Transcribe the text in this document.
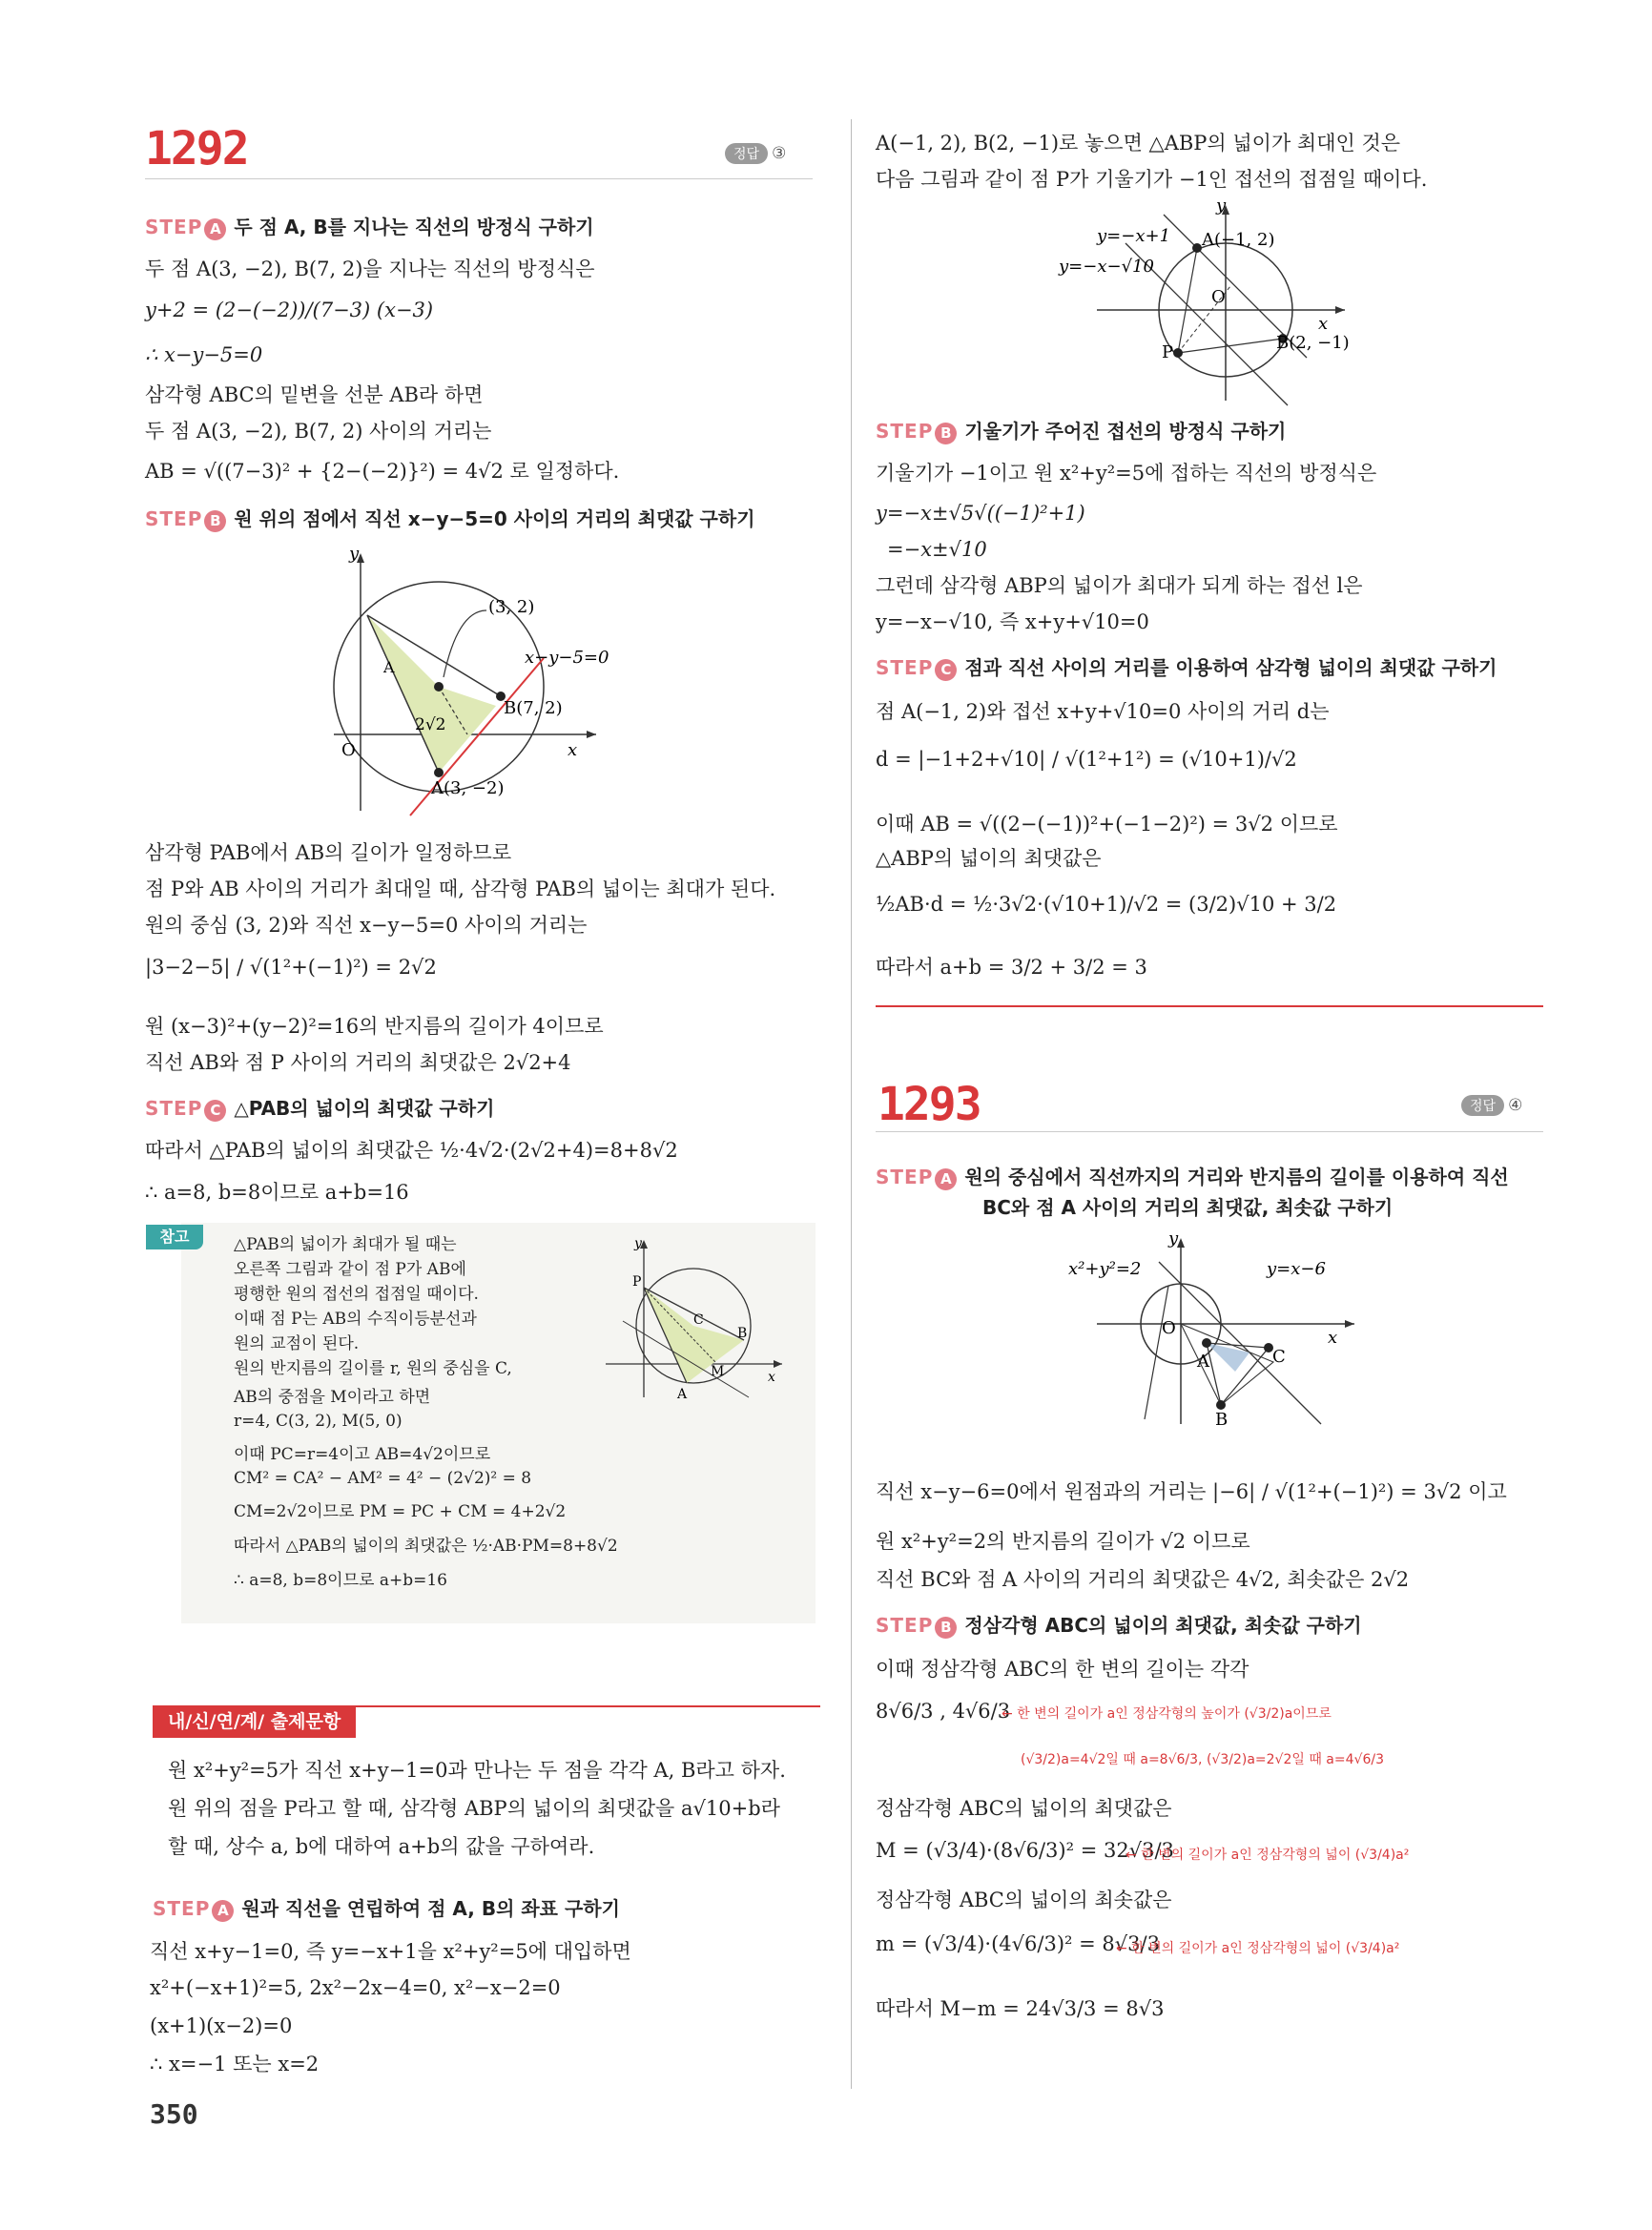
1292	정답 ③
STEP A 두 점 A, B를 지나는 직선의 방정식 구하기
두 점 A(3, −2), B(7, 2)을 지나는 직선의 방정식은
y+2 = (2−(−2))/(7−3) (x−3)
∴ x−y−5=0
삼각형 ABC의 밑변을 선분 AB라 하면
두 점 A(3, −2), B(7, 2) 사이의 거리는
AB = √((7−3)² + {2−(−2)}²) = 4√2 로 일정하다.
STEP B 원 위의 점에서 직선 x−y−5=0 사이의 거리의 최댓값 구하기
y
x
O
(3, 2)
x−y−5=0
B(7, 2)
A(3, −2)
2√2
A
삼각형 PAB에서 AB의 길이가 일정하므로
점 P와 AB 사이의 거리가 최대일 때, 삼각형 PAB의 넓이는 최대가 된다.
원의 중심 (3, 2)와 직선 x−y−5=0 사이의 거리는
|3−2−5| / √(1²+(−1)²) = 2√2
원 (x−3)²+(y−2)²=16의 반지름의 길이가 4이므로
직선 AB와 점 P 사이의 거리의 최댓값은 2√2+4
STEP C △PAB의 넓이의 최댓값 구하기
따라서 △PAB의 넓이의 최댓값은 ½·4√2·(2√2+4)=8+8√2
∴ a=8, b=8이므로 a+b=16
참고	△PAB의 넓이가 최대가 될 때는
오른쪽 그림과 같이 점 P가 AB에
평행한 원의 접선의 접점일 때이다.
이때 점 P는 AB의 수직이등분선과
원의 교점이 된다.
원의 반지름의 길이를 r, 원의 중심을 C,
AB의 중점을 M이라고 하면
r=4, C(3, 2), M(5, 0)
이때 PC=r=4이고 AB=4√2이므로
CM² = CA² − AM² = 4² − (2√2)² = 8
CM=2√2이므로 PM = PC + CM = 4+2√2
따라서 △PAB의 넓이의 최댓값은 ½·AB·PM=8+8√2
∴ a=8, b=8이므로 a+b=16
y
x
P
C
B
M
A
내/신/연/계/ 출제문항
원 x²+y²=5가 직선 x+y−1=0과 만나는 두 점을 각각 A, B라고 하자.
원 위의 점을 P라고 할 때, 삼각형 ABP의 넓이의 최댓값을 a√10+b라
할 때, 상수 a, b에 대하여 a+b의 값을 구하여라.
STEP A 원과 직선을 연립하여 점 A, B의 좌표 구하기
직선 x+y−1=0, 즉 y=−x+1을 x²+y²=5에 대입하면
x²+(−x+1)²=5, 2x²−2x−4=0, x²−x−2=0
(x+1)(x−2)=0
∴ x=−1 또는 x=2
350
A(−1, 2), B(2, −1)로 놓으면 △ABP의 넓이가 최대인 것은
다음 그림과 같이 점 P가 기울기가 −1인 접선의 접점일 때이다.
y
x
O
y=−x+1 A(−1, 2)
y=−x−√10
P	B(2, −1)
STEP B 기울기가 주어진 접선의 방정식 구하기
기울기가 −1이고 원 x²+y²=5에 접하는 직선의 방정식은
y=−x±√5√((−1)²+1)
=−x±√10
그런데 삼각형 ABP의 넓이가 최대가 되게 하는 접선 l은
y=−x−√10, 즉 x+y+√10=0
STEP C 점과 직선 사이의 거리를 이용하여 삼각형 넓이의 최댓값 구하기
점 A(−1, 2)와 접선 x+y+√10=0 사이의 거리 d는
d = |−1+2+√10| / √(1²+1²) = (√10+1)/√2
이때 AB = √((2−(−1))²+(−1−2)²) = 3√2 이므로
△ABP의 넓이의 최댓값은
½AB·d = ½·3√2·(√10+1)/√2 = (3/2)√10 + 3/2
따라서 a+b = 3/2 + 3/2 = 3
1293	정답 ④
STEP A 원의 중심에서 직선까지의 거리와 반지름의 길이를 이용하여 직선
BC와 점 A 사이의 거리의 최댓값, 최솟값 구하기
y
x
O
x²+y²=2	y=x−6
A
B
C
직선 x−y−6=0에서 원점과의 거리는 |−6| / √(1²+(−1)²) = 3√2 이고
원 x²+y²=2의 반지름의 길이가 √2 이므로
직선 BC와 점 A 사이의 거리의 최댓값은 4√2, 최솟값은 2√2
STEP B 정삼각형 ABC의 넓이의 최댓값, 최솟값 구하기
이때 정삼각형 ABC의 한 변의 길이는 각각
8√6/3 , 4√6/3
← 한 변의 길이가 a인 정삼각형의 높이가 (√3/2)a이므로
(√3/2)a=4√2일 때 a=8√6/3, (√3/2)a=2√2일 때 a=4√6/3
정삼각형 ABC의 넓이의 최댓값은
M = (√3/4)·(8√6/3)² = 32√3/3
← 한 변의 길이가 a인 정삼각형의 넓이 (√3/4)a²
정삼각형 ABC의 넓이의 최솟값은
m = (√3/4)·(4√6/3)² = 8√3/3
← 한 변의 길이가 a인 정삼각형의 넓이 (√3/4)a²
따라서 M−m = 24√3/3 = 8√3
